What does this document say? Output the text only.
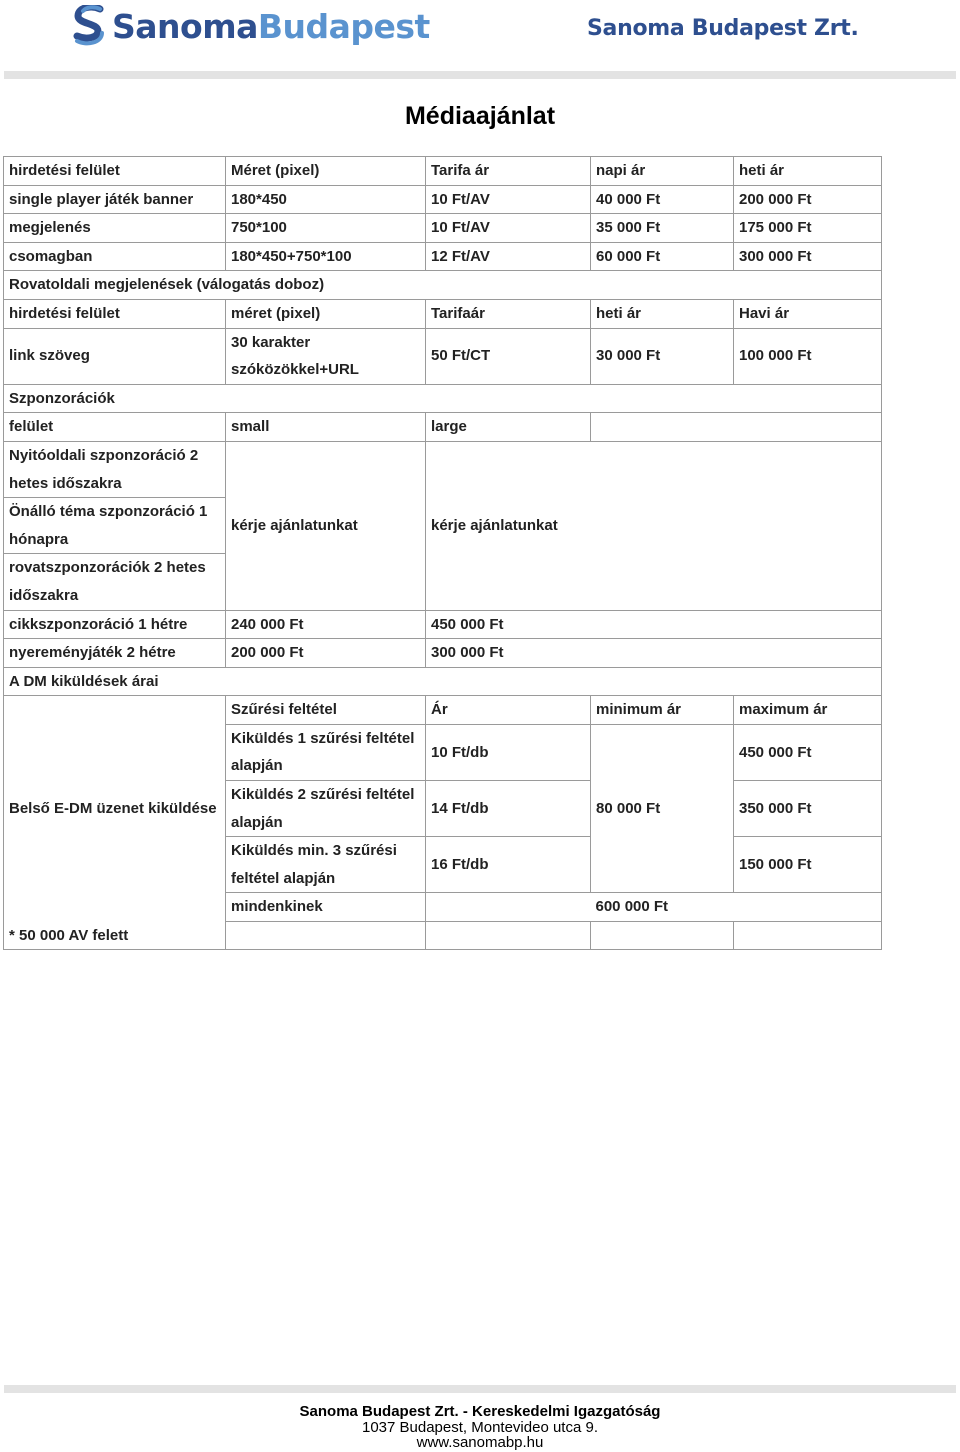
SanomaBudapest	Sanoma Budapest Zrt.
Médiaajánlat
hirdetési felület	Méret (pixel)	Tarifa ár	napi ár	heti ár
single player játék banner	180*450	10 Ft/AV	40 000 Ft	200 000 Ft
megjelenés	750*100	10 Ft/AV	35 000 Ft	175 000 Ft
csomagban	180*450+750*100	12 Ft/AV	60 000 Ft	300 000 Ft
Rovatoldali megjelenések (válogatás doboz)				
hirdetési felület	méret (pixel)	Tarifaár	heti ár	Havi ár
link szöveg	30 karakter szóközökkel+URL	50 Ft/CT	30 000 Ft	100 000 Ft
Szponzorációk				
felület	small	large		
Nyitóoldali szponzoráció 2 hetes időszakra	kérje ajánlatunkat	kérje ajánlatunkat		
Önálló téma szponzoráció 1 hónapra				
rovatszponzorációk 2 hetes időszakra				
cikkszponzoráció 1 hétre	240 000 Ft	450 000 Ft		
nyereményjáték 2 hétre	200 000 Ft	300 000 Ft		
A DM kiküldések árai				
Belső E-DM üzenet kiküldése	Szűrési feltétel	Ár	minimum ár	maximum ár
	Kiküldés 1 szűrési feltétel alapján	10 Ft/db	80 000 Ft	450 000 Ft
	Kiküldés 2 szűrési feltétel alapján	14 Ft/db		350 000 Ft
	Kiküldés min. 3 szűrési feltétel alapján	16 Ft/db		150 000 Ft
	mindenkinek		600 000 Ft	
* 50 000 AV felett				
Sanoma Budapest Zrt. - Kereskedelmi Igazgatóság
1037 Budapest, Montevideo utca 9.
www.sanomabp.hu
